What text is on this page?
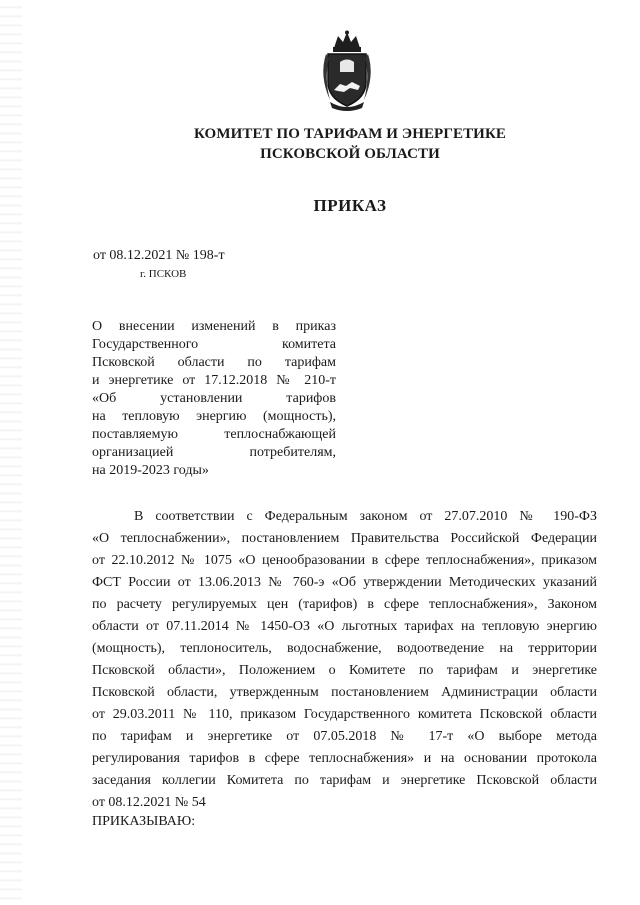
КОМИТЕТ ПО ТАРИФАМ И ЭНЕРГЕТИКЕ
ПСКОВСКОЙ ОБЛАСТИ
ПРИКАЗ
от 08.12.2021 № 198-т
г. ПСКОВ
О внесении изменений в приказ
Государственного комитета
Псковской области по тарифам
и энергетике от 17.12.2018 № 210-т
«Об установлении тарифов
на тепловую энергию (мощность),
поставляемую теплоснабжающей
организацией потребителям,
на 2019-2023 годы»
В соответствии с Федеральным законом от 27.07.2010 № 190-ФЗ
«О теплоснабжении», постановлением Правительства Российской Федерации
от 22.10.2012 № 1075 «О ценообразовании в сфере теплоснабжения», приказом
ФСТ России от 13.06.2013 № 760-э «Об утверждении Методических указаний
по расчету регулируемых цен (тарифов) в сфере теплоснабжения», Законом
области от 07.11.2014 № 1450-ОЗ «О льготных тарифах на тепловую энергию
(мощность), теплоноситель, водоснабжение, водоотведение на территории
Псковской области», Положением о Комитете по тарифам и энергетике
Псковской области, утвержденным постановлением Администрации области
от 29.03.2011 № 110, приказом Государственного комитета Псковской области
по тарифам и энергетике от 07.05.2018 № 17-т «О выборе метода
регулирования тарифов в сфере теплоснабжения» и на основании протокола
заседания коллегии Комитета по тарифам и энергетике Псковской области
от 08.12.2021 № 54
ПРИКАЗЫВАЮ:
